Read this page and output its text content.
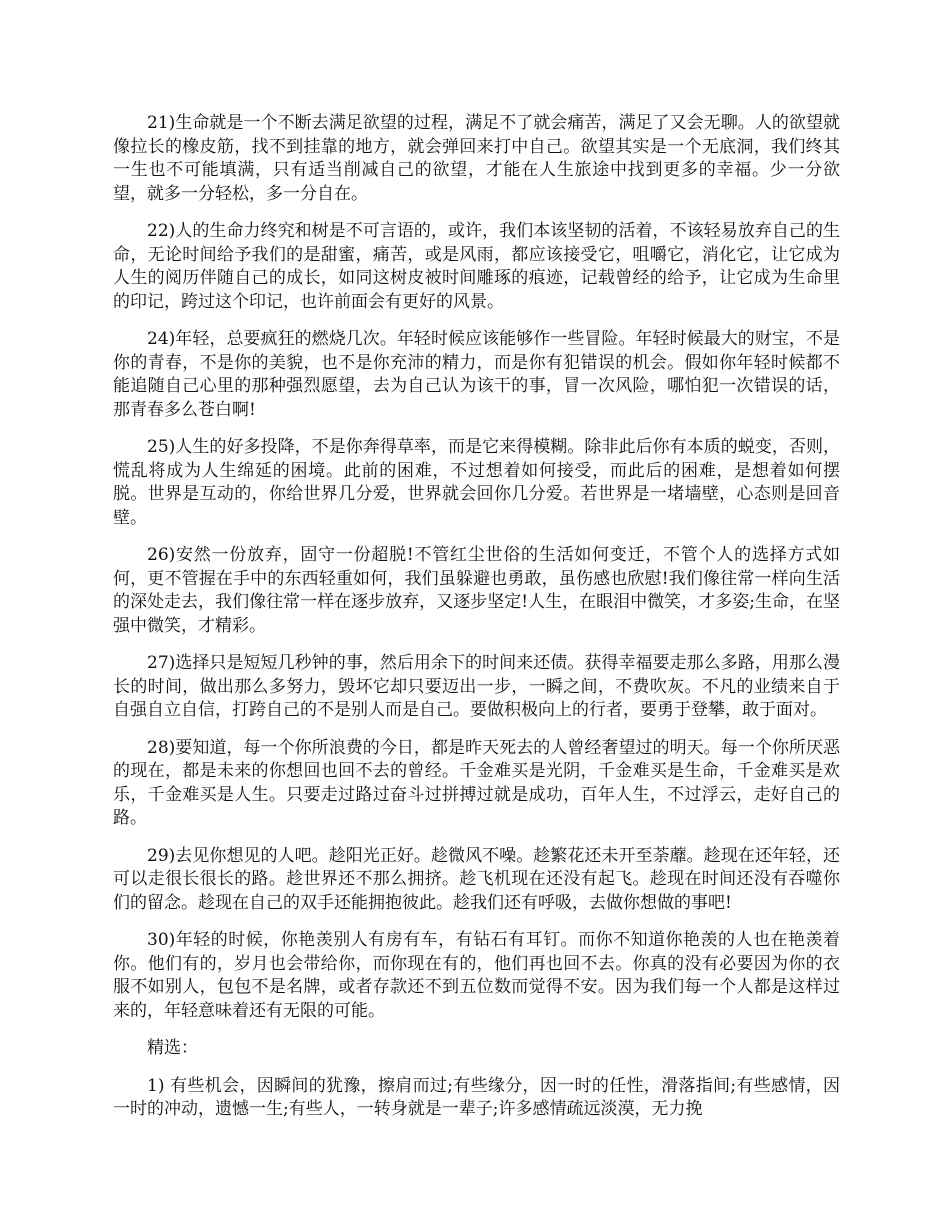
21)生命就是一个不断去满足欲望的过程，满足不了就会痛苦，满足了又会无聊。人的欲望就像拉长的橡皮筋，找不到挂靠的地方，就会弹回来打中自己。欲望其实是一个无底洞，我们终其一生也不可能填满，只有适当削减自己的欲望，才能在人生旅途中找到更多的幸福。少一分欲望，就多一分轻松，多一分自在。

22)人的生命力终究和树是不可言语的，或许，我们本该坚韧的活着，不该轻易放弃自己的生命，无论时间给予我们的是甜蜜，痛苦，或是风雨，都应该接受它，咀嚼它，消化它，让它成为人生的阅历伴随自己的成长，如同这树皮被时间雕琢的痕迹，记载曾经的给予，让它成为生命里的印记，跨过这个印记，也许前面会有更好的风景。

24)年轻，总要疯狂的燃烧几次。年轻时候应该能够作一些冒险。年轻时候最大的财宝，不是你的青春，不是你的美貌，也不是你充沛的精力，而是你有犯错误的机会。假如你年轻时候都不能追随自己心里的那种强烈愿望，去为自己认为该干的事，冒一次风险，哪怕犯一次错误的话，那青春多么苍白啊!

25)人生的好多投降，不是你奔得草率，而是它来得模糊。除非此后你有本质的蜕变，否则，慌乱将成为人生绵延的困境。此前的困难，不过想着如何接受，而此后的困难，是想着如何摆脱。世界是互动的，你给世界几分爱，世界就会回你几分爱。若世界是一堵墙壁，心态则是回音壁。

26)安然一份放弃，固守一份超脱!不管红尘世俗的生活如何变迁，不管个人的选择方式如何，更不管握在手中的东西轻重如何，我们虽躲避也勇敢，虽伤感也欣慰!我们像往常一样向生活的深处走去，我们像往常一样在逐步放弃，又逐步坚定!人生，在眼泪中微笑，才多姿;生命，在坚强中微笑，才精彩。

27)选择只是短短几秒钟的事，然后用余下的时间来还债。获得幸福要走那么多路，用那么漫长的时间，做出那么多努力，毁坏它却只要迈出一步，一瞬之间，不费吹灰。不凡的业绩来自于自强自立自信，打跨自己的不是别人而是自己。要做积极向上的行者，要勇于登攀，敢于面对。

28)要知道，每一个你所浪费的今日，都是昨天死去的人曾经奢望过的明天。每一个你所厌恶的现在，都是未来的你想回也回不去的曾经。千金难买是光阴，千金难买是生命，千金难买是欢乐，千金难买是人生。只要走过路过奋斗过拼搏过就是成功，百年人生，不过浮云，走好自己的路。

29)去见你想见的人吧。趁阳光正好。趁微风不噪。趁繁花还未开至荼蘼。趁现在还年轻，还可以走很长很长的路。趁世界还不那么拥挤。趁飞机现在还没有起飞。趁现在时间还没有吞噬你们的留念。趁现在自己的双手还能拥抱彼此。趁我们还有呼吸，去做你想做的事吧!

30)年轻的时候，你艳羡别人有房有车，有钻石有耳钉。而你不知道你艳羡的人也在艳羡着你。他们有的，岁月也会带给你，而你现在有的，他们再也回不去。你真的没有必要因为你的衣服不如别人，包包不是名牌，或者存款还不到五位数而觉得不安。因为我们每一个人都是这样过来的，年轻意味着还有无限的可能。

精选：

1) 有些机会，因瞬间的犹豫，擦肩而过;有些缘分，因一时的任性，滑落指间;有些感情，因一时的冲动，遗憾一生;有些人，一转身就是一辈子;许多感情疏远淡漠，无力挽
